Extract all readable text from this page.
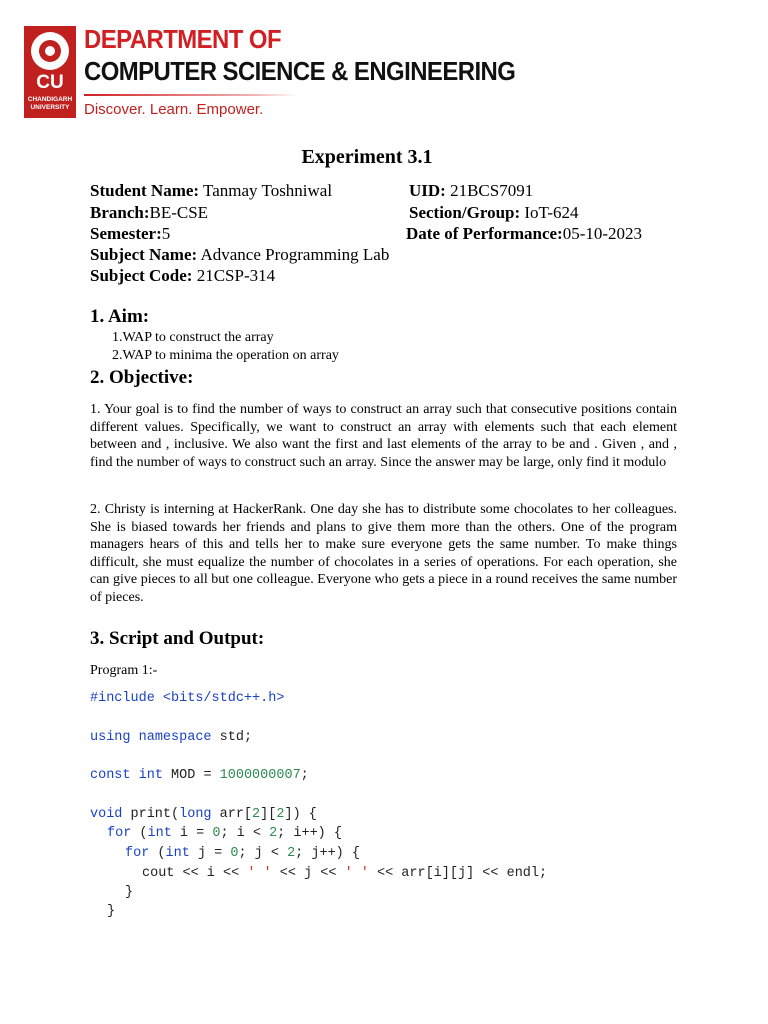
CU
CHANDIGARH UNIVERSITY
DEPARTMENT OF
COMPUTER SCIENCE & ENGINEERING
Discover. Learn. Empower.
Experiment 3.1
Student Name: Tanmay Toshniwal	UID: 21BCS7091
Branch:BE-CSE	Section/Group: IoT-624
Semester:5	Date of Performance:05-10-2023
Subject Name: Advance Programming Lab
Subject Code: 21CSP-314
1. Aim:
1.WAP to construct the array
2.WAP to minima the operation on array
2. Objective:
1. Your goal is to find the number of ways to construct an array such that consecutive positions contain different values. Specifically, we want to construct an array with elements such that each element between and , inclusive. We also want the first and last elements of the array to be and . Given , and , find the number of ways to construct such an array. Since the answer may be large, only find it modulo
2. Christy is interning at HackerRank. One day she has to distribute some chocolates to her colleagues. She is biased towards her friends and plans to give them more than the others. One of the program managers hears of this and tells her to make sure everyone gets the same number. To make things difficult, she must equalize the number of chocolates in a series of operations. For each operation, she can give pieces to all but one colleague. Everyone who gets a piece in a round receives the same number of pieces.
3. Script and Output:
Program 1:-
#include <bits/stdc++.h>
using namespace std;
const int MOD = 1000000007;
void print(long arr[2][2]) {
for (int i = 0; i < 2; i++) {
for (int j = 0; j < 2; j++) {
cout << i << ' ' << j << ' ' << arr[i][j] << endl;
}
}
